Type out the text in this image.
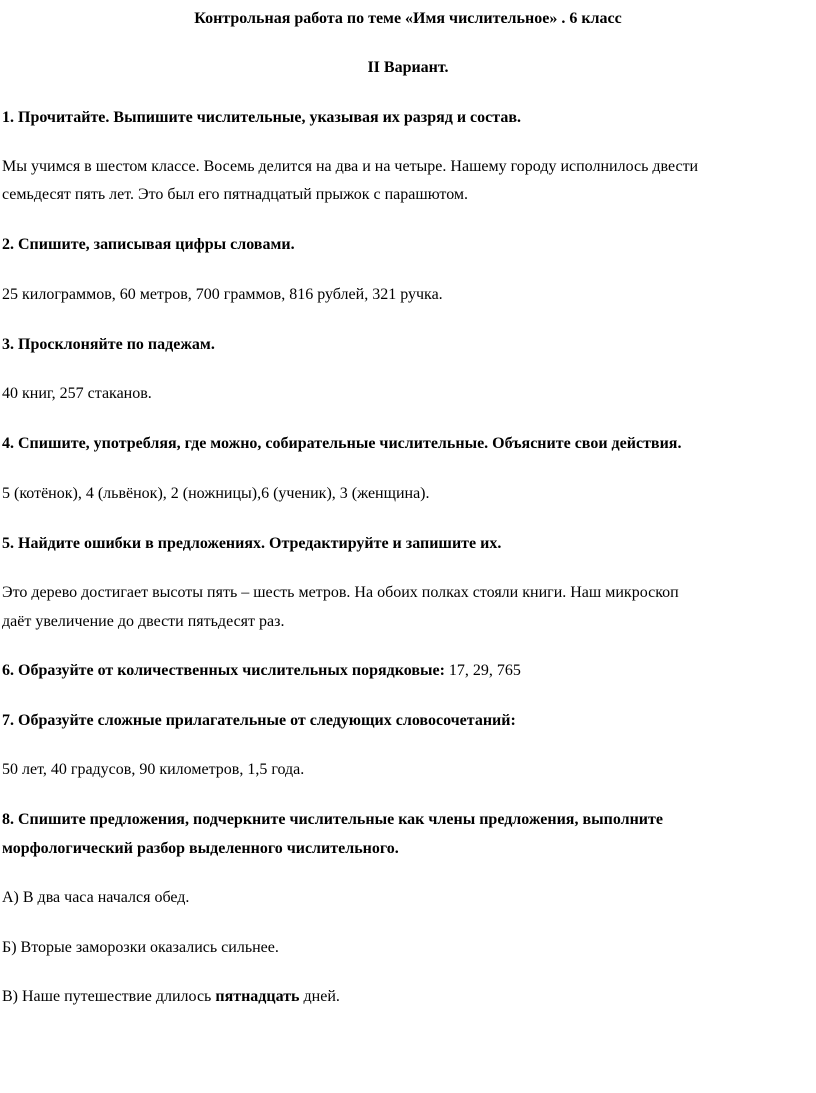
Контрольная работа по теме «Имя числительное» . 6 класс
II Вариант.
1. Прочитайте. Выпишите числительные, указывая их разряд и состав.
Мы учимся в шестом классе. Восемь делится на два и на четыре. Нашему городу исполнилось двести
семьдесят пять лет. Это был его пятнадцатый прыжок с парашютом.
2. Спишите, записывая цифры словами.
25 килограммов, 60 метров, 700 граммов, 816 рублей, 321 ручка.
3. Просклоняйте по падежам.
40 книг, 257 стаканов.
4. Спишите, употребляя, где можно, собирательные числительные. Объясните свои действия.
5 (котёнок), 4 (львёнок), 2 (ножницы),6 (ученик), 3 (женщина).
5. Найдите ошибки в предложениях. Отредактируйте и запишите их.
Это дерево достигает высоты пять – шесть метров. На обоих полках стояли книги. Наш микроскоп
даёт увеличение до двести пятьдесят раз.
6. Образуйте от количественных числительных порядковые: 17, 29, 765
7. Образуйте сложные прилагательные от следующих словосочетаний:
50 лет, 40 градусов, 90 километров, 1,5 года.
8. Спишите предложения, подчеркните числительные как члены предложения, выполните
морфологический разбор выделенного числительного.
А) В два часа начался обед.
Б) Вторые заморозки оказались сильнее.
В) Наше путешествие длилось пятнадцать дней.
